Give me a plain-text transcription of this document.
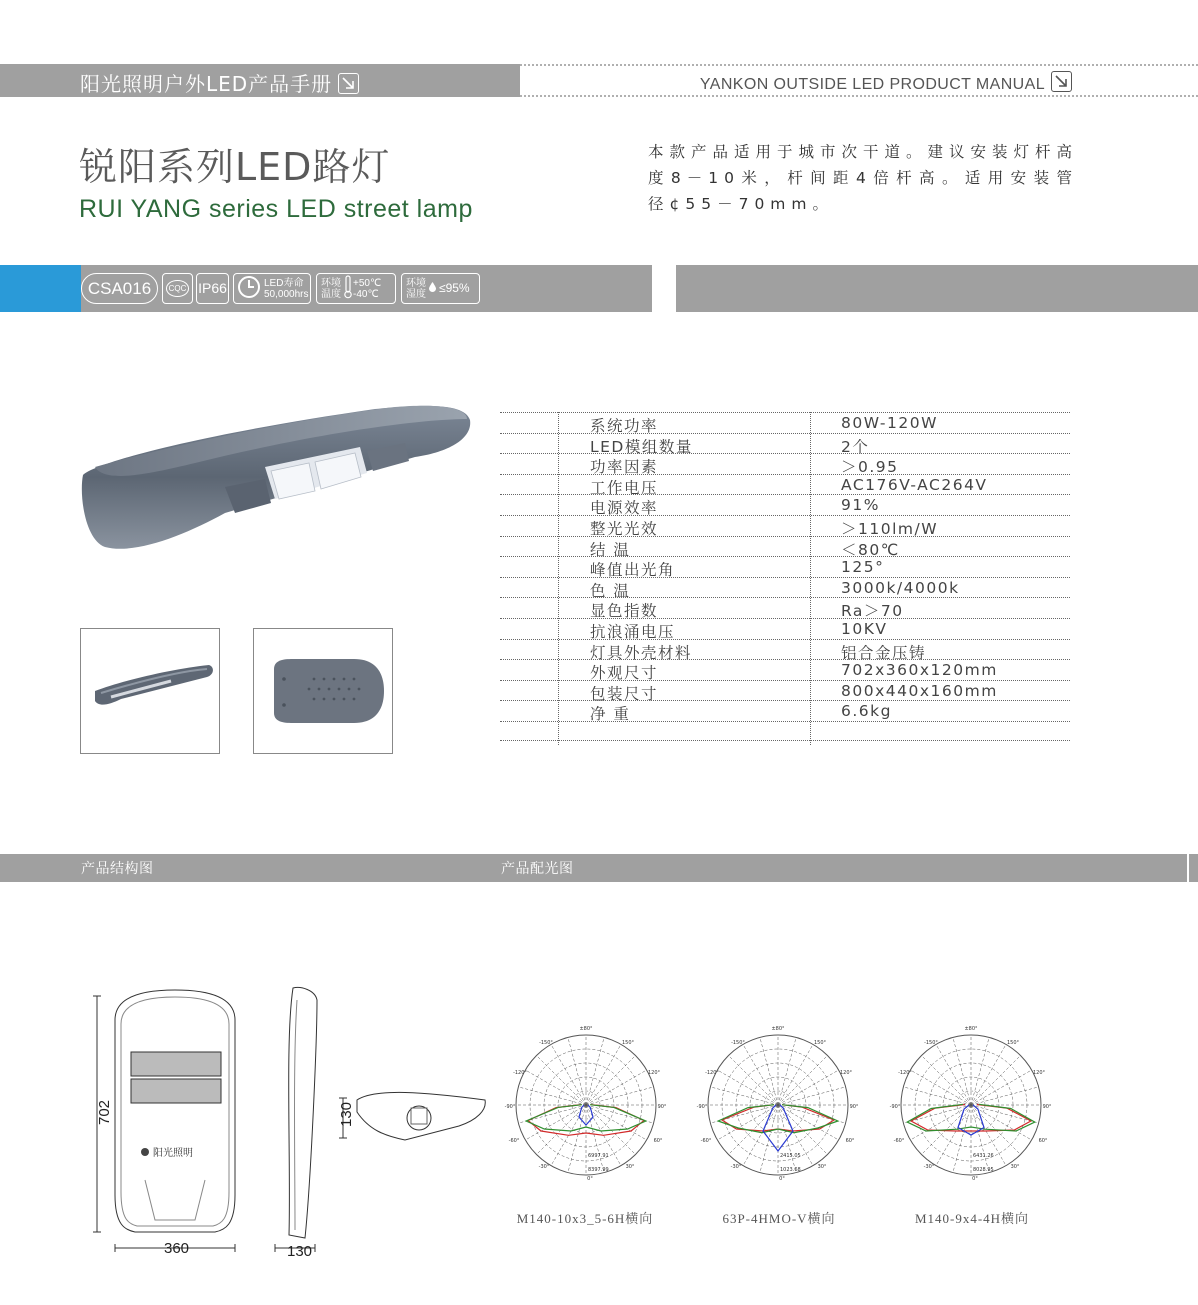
阳光照明户外LED产品手册	YANKON OUTSIDE LED PRODUCT MANUAL
锐阳系列LED路灯
RUI YANG series LED street lamp
本款产品适用于城市次干道。建议安装灯杆高度8－10米，杆间距4倍杆高。适用安装管径¢55－70mm。
CSA016	CQC IP66	LED寿命
50,000hrs
环境
温度
+50℃
-40℃
环境
湿度 ≤95%
系统功率	80W-120W
LED模组数量	2个
功率因素	＞0.95
工作电压	AC176V-AC264V
电源效率	91%
整光光效	＞110lm/W
结 温	＜80℃
峰值出光角	125°
色 温	3000k/4000k
显色指数	Ra＞70
抗浪涌电压	10KV
灯具外壳材料	铝合金压铸
外观尺寸	702x360x120mm
包装尺寸	800x440x160mm
净 重	6.6kg
产品结构图	产品配光图
阳光照明
702
360	130
130
±80°
-150°	150°
-120°	120°
-90°	90°
-60°	60°
-30°	30°
0°
6997.91
8397.99
±80°
-150°	150°
-120°	120°
-90°	90°
-60°	60°
-30°	30°
0°
2415.05
1023.68
±80°
-150°	150°
-120°	120°
-90°	90°
-60°	60°
-30°	30°
0°
6431.26
8028.95
M140-10x3_5-6H横向	63P-4HMO-V横向	M140-9x4-4H横向
